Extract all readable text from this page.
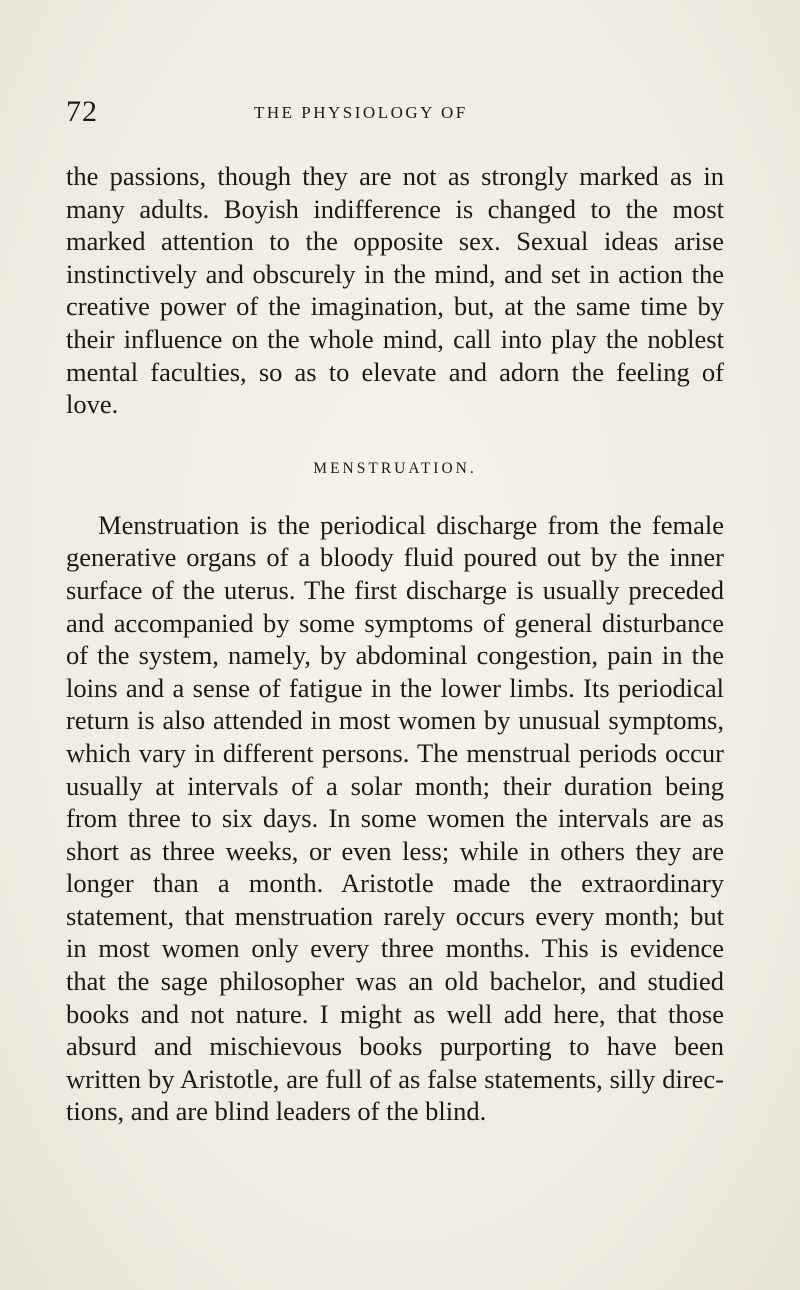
72	THE PHYSIOLOGY OF

the passions, though they are not as strongly marked as in many adults. Boyish indifference is changed to the most marked attention to the opposite sex. Sexual ideas arise instinctively and obscurely in the mind, and set in action the creative power of the imagination, but, at the same time by their influence on the whole mind, call into play the noblest mental faculties, so as to elevate and adorn the feeling of love.

MENSTRUATION.

Menstruation is the periodical discharge from the female generative organs of a bloody fluid poured out by the inner surface of the uterus. The first discharge is usually preceded and accompanied by some symptoms of general disturbance of the system, namely, by abdominal congestion, pain in the loins and a sense of fatigue in the lower limbs. Its periodical return is also attended in most women by unusual symptoms, which vary in different persons. The menstrual periods occur usually at intervals of a solar month; their duration being from three to six days. In some women the intervals are as short as three weeks, or even less; while in others they are longer than a month. Aristotle made the extraordinary statement, that menstruation rarely occurs every month; but in most women only every three months. This is evidence that the sage philosopher was an old bachelor, and studied books and not nature. I might as well add here, that those absurd and mischievous books purporting to have been written by Aristotle, are full of as false statements, silly directions, and are blind leaders of the blind.
